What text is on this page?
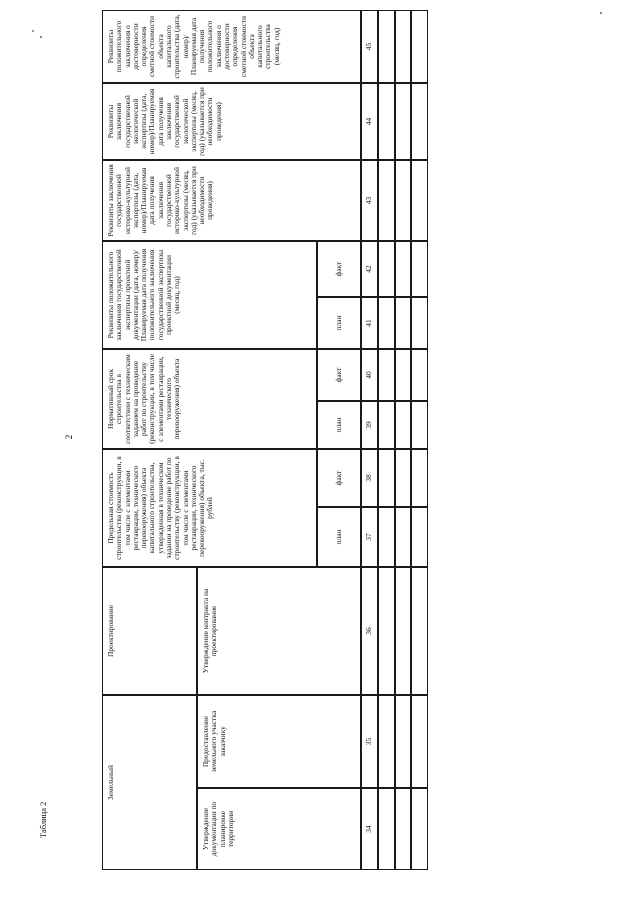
2
Таблица 2
Земельный
Проектирование
Предельная стоимость строительства (реконструкции, в том числе с элементами реставрации, технического перевооружения) объекта капитального строительства, утвержденная в техническом задании на проведение работ по строительству (реконструкции, в том числе с элементами реставрации, технического перевооружения) объекта, тыс. рублей
Нормативный срок строительства в соответствии с техническим заданием на проведение работ по строительству (реконструкции, в том числе с элементами реставрации, технического перевооружения) объекта
Реквизиты положительного заключения государственной экспертизы проектной документации (дата, номер)/Планируемая дата получения положительного заключения государственной экспертизы проектной документации (месяц, год)
Реквизиты заключения государственной историко-культурной экспертизы (дата, номер)/Планируемая дата получения заключения государственной историко-культурной экспертизы (месяц, год) (указывается при необходимости проведения)
Реквизиты заключения государственной экологической экспертизы (дата, номер)/Планируемая дата получения заключения государственной экологической экспертизы (месяц, год) (указывается при необходимости проведения)
Реквизиты положительного заключения о достоверности определения сметной стоимости объекта капитального строительства (дата, номер)/Планируемая дата получения положительного заключения о достоверности определения сметной стоимости объекта капитального строительства (месяц, год)
Утверждение документации по планировке территории
Предоставление земельного участка заказчику
Утверждение контракта на проектирование
план
факт
план
факт
план
факт
34
35
36
37
38
39
40
41
42
43
44
45
